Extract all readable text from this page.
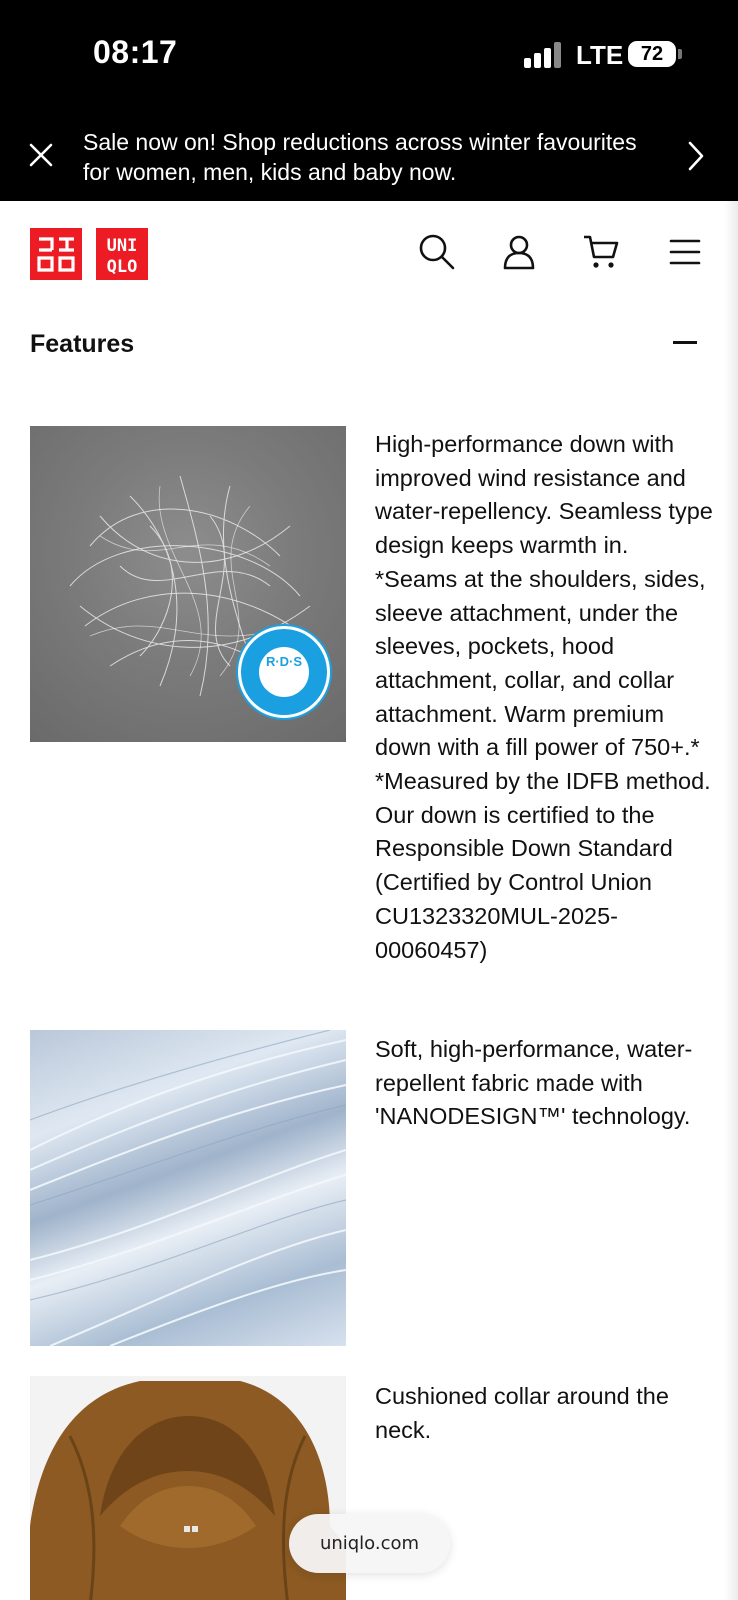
08:17	LTE 72
Sale now on! Shop reductions across winter favourites for women, men, kids and baby now.
UNI
QLO
Features
R·D·S
High-performance down with improved wind resistance and water-repellency. Seamless type design keeps warmth in. *Seams at the shoulders, sides, sleeve attachment, under the sleeves, pockets, hood attachment, collar, and collar attachment. Warm premium down with a fill power of 750+.* *Measured by the IDFB method. Our down is certified to the Responsible Down Standard (Certified by Control Union CU1323320MUL-2025-00060457)
Soft, high-performance, water-repellent fabric made with 'NANODESIGN™' technology.
Cushioned collar around the neck.
uniqlo.com
